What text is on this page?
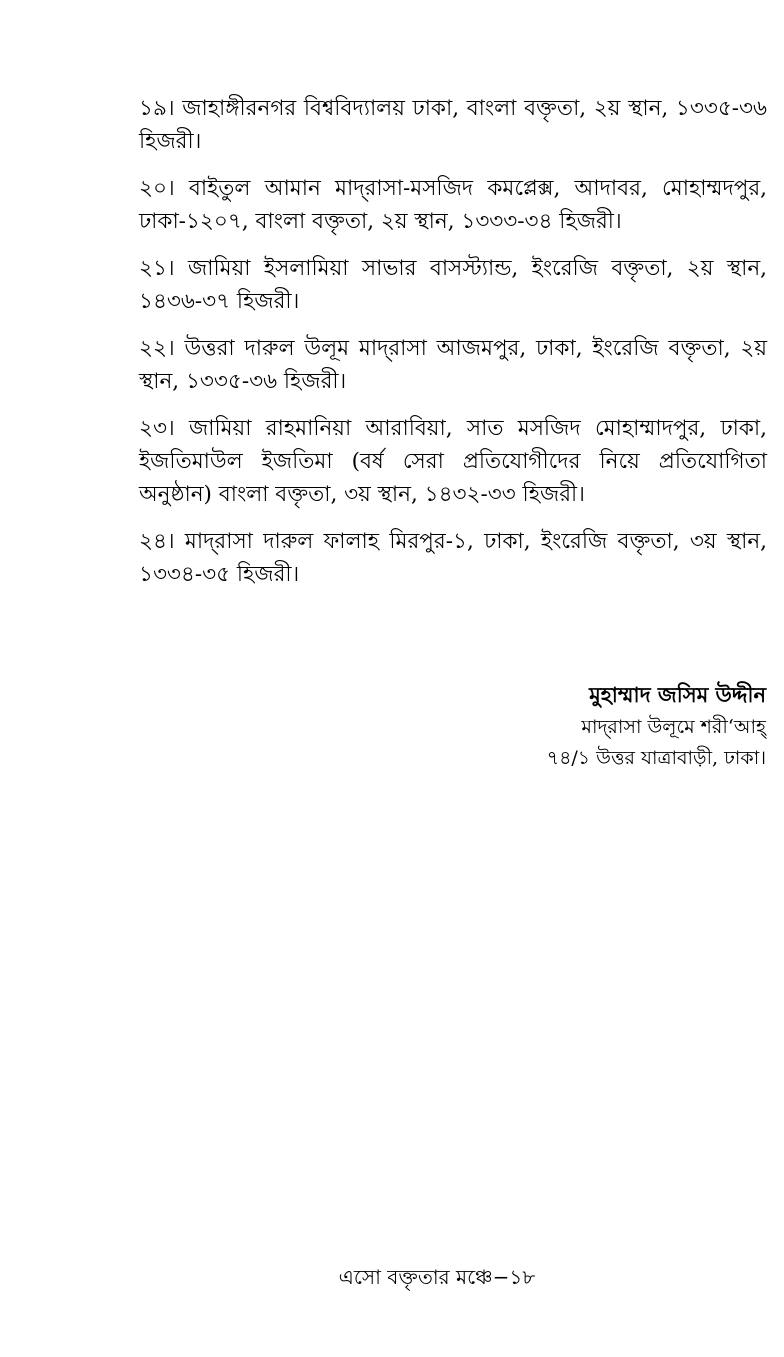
১৯। জাহাঙ্গীরনগর বিশ্ববিদ্যালয় ঢাকা, বাংলা বক্তৃতা, ২য় স্থান, ১৩৩৫-৩৬ হিজরী।

২০। বাইতুল আমান মাদ্‌রাসা-মসজিদ কমপ্লেক্স, আদাবর, মোহাম্মদপুর, ঢাকা-১২০৭, বাংলা বক্তৃতা, ২য় স্থান, ১৩৩৩-৩৪ হিজরী।

২১। জামিয়া ইসলামিয়া সাভার বাসস্ট্যান্ড, ইংরেজি বক্তৃতা, ২য় স্থান, ১৪৩৬-৩৭ হিজরী।

২২। উত্তরা দারুল উলূম মাদ্‌রাসা আজমপুর, ঢাকা, ইংরেজি বক্তৃতা, ২য় স্থান, ১৩৩৫-৩৬ হিজরী।

২৩। জামিয়া রাহমানিয়া আরাবিয়া, সাত মসজিদ মোহাম্মাদপুর, ঢাকা, ইজতিমাউল ইজতিমা (বর্ষ সেরা প্রতিযোগীদের নিয়ে প্রতিযোগিতা অনুষ্ঠান) বাংলা বক্তৃতা, ৩য় স্থান, ১৪৩২-৩৩ হিজরী।

২৪। মাদ্‌রাসা দারুল ফালাহ মিরপুর-১, ঢাকা, ইংরেজি বক্তৃতা, ৩য় স্থান, ১৩৩৪-৩৫ হিজরী।

মুহাম্মাদ জসিম উদ্দীন
মাদ্‌রাসা উলূমে শরী‘আহ্
৭৪/১ উত্তর যাত্রাবাড়ী, ঢাকা।
এসো বক্তৃতার মঞ্চে−১৮
